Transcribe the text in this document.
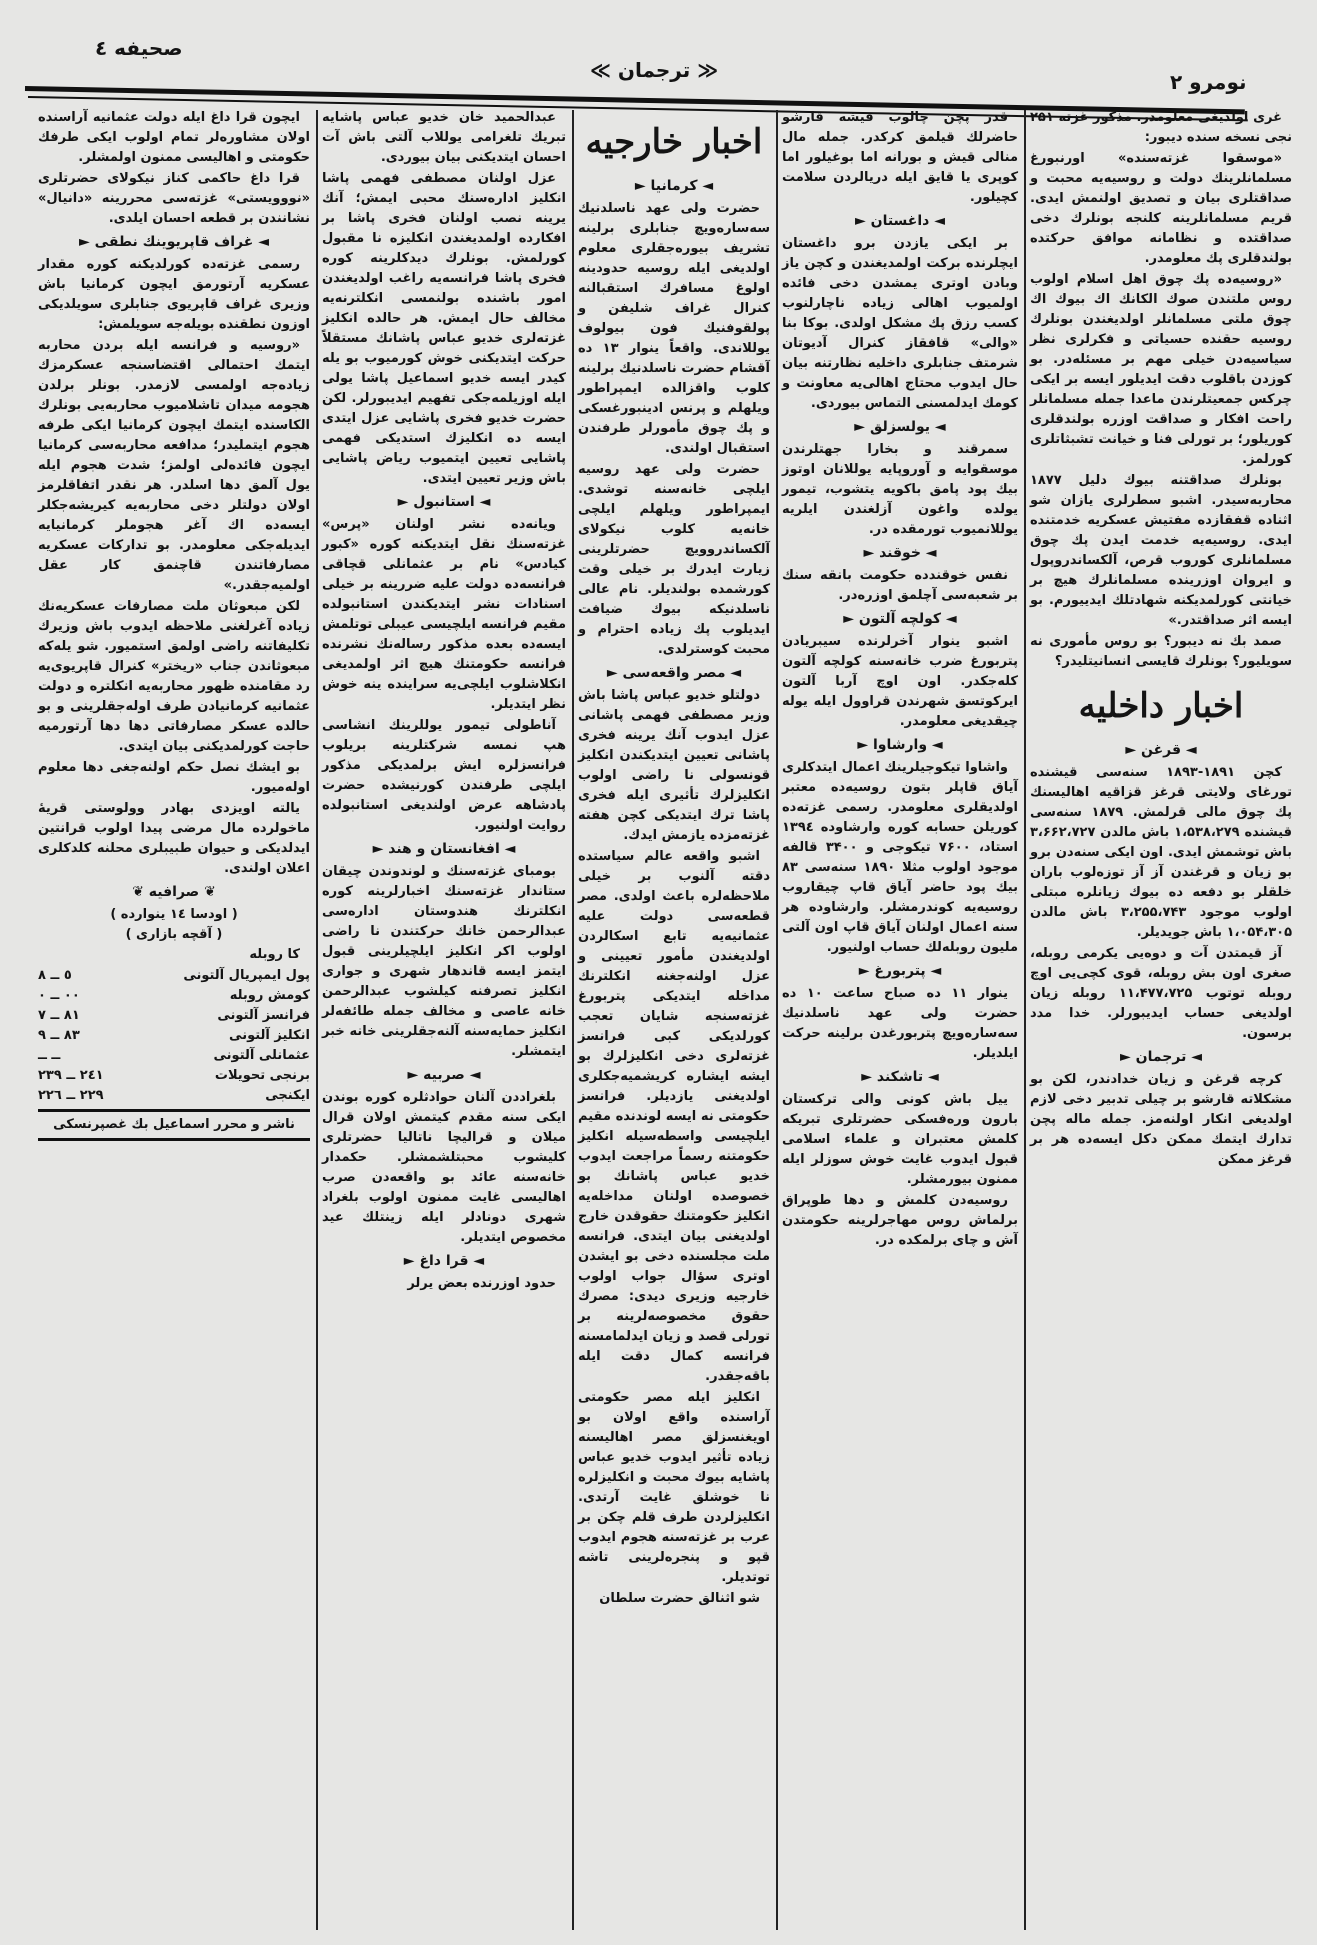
صحیفه ٤
≪ ترجمان ≫	نومرو ٢

غری اولدیغی معلومدر. مذکور غزته ۲۵۱ نجی نسخه سنده دیبور:

«موسقوا غزته‌سنده» اورنبورغ مسلمانلرینك دولت و روسیه‌یه محبت و صداقتلری بیان و تصدیق اولنمش ایدی. قریم مسلمانلرینه کلنجه بونلرك دخی صداقتده و نظامانه موافق حرکتده بولندقلری پك معلومدر.

«روسیه‌ده پك چوق اهل اسلام اولوب روس ملتندن صوك الکانك اك بیوك اك چوق ملتی مسلمانلر اولدیغندن بونلرك روسیه حقنده حسیاتی و فکرلری نظر سیاسیه‌دن خیلی مهم بر مسئله‌در. بو کوزدن باقلوب دقت ایدیلور ایسه بر ایکی چرکس جمعیتلرندن ماعدا جمله مسلمانلر راحت افکار و صداقت اوزره بولندقلری کوریلور؛ بر تورلی فنا و خیانت تشبثاتلری کورلمز.

بونلرك صداقتنه بیوك دلیل ۱۸۷۷ محاربه‌سیدر. اشبو سطرلری یازان شو اثناده قفقازده مفتیش عسکریه خدمتنده ایدی. روسیه‌یه خدمت ایدن پك چوق مسلمانلری کوروب قرص، آلکساندروپول و ایروان اوزرینده مسلمانلرك هیچ بر خیانتی کورلمدیکنه شهادتلك ایدییورم. بو ایسه اثر صداقتدر.»

صمد بك نه دیبور؟ بو روس مأموری نه سویلیور؟ بونلرك قایسی انسانیتلیدر؟

اخبار داخلیه
◄ قرغن ►

کچن ۱۸۹۱-۱۸۹۳ سنه‌سی قیشنده تورغای ولایتی قرغز قزاقیه اهالیسنك پك چوق مالی قرلمش. ۱۸۷۹ سنه‌سی قیشنده ۱،۵۳۸،۲۷۹ باش مالدن ۳،۶۶۲،۷۲۷ باش توشمش ایدی. اون ایکی سنه‌دن برو بو زیان و قرغندن آز آز توزه‌لوب باران خلقلر بو دفعه ده بیوك زیانلره مبتلی اولوب موجود ۳،۲۵۵،۷۴۳ باش مالدن ۱،۰۵۴،۳۰۵ باش جویدیلر.

آز قیمتدن آت و دوه‌یی یکرمی روبله، صغری اون بش روبله، قوی کچی‌یی اوچ روبله توتوب ۱۱،۴۷۷،۷۲۵ روبله زیان اولدیغی حساب ایدیبورلر. خدا مدد برسون.

◄ ترجمان ►

کرچه قرغن و زیان خدادندر، لکن بو مشکلاته قارشو بر چیلی تدبیر دخی لازم اولدیغی انکار اولنه‌مز. جمله ماله پچن تدارك ایتمك ممکن دکل ایسه‌ده هر بر قرغز ممکن

قدر پچن چالوب قیشه قارشو حاضرلك قیلمق کرکدر. جمله مال منالی قیش و بورانه اما بوغیلور اما کوپری یا قایق ایله دریالردن سلامت کچیلور.

◄ داغستان ►

بر ایکی یازدن برو داغستان ایچلرنده برکت اولمدیغندن و کچن یاز وبادن اوتری یمشدن دخی فائده اولمیوب اهالی زیاده ناچارلنوب کسب رزق پك مشکل اولدی. بوکا بنا «والی» قافقاز کنرال آدیوتان شرمتف جنابلری داخلیه نظارتنه بیان حال ایدوب محتاج اهالی‌یه معاونت و کومك ایدلمسنی التماس بیوردی.

◄ یولسزلق ►

سمرقند و بخارا جهتلرندن موسقوایه و آوروپایه یوللانان اوتوز بیك پود پامق باکویه یتشوب، تیمور یولده واغون آزلغندن ایلریه یوللانمیوب تورمقده در.

◄ خوقند ►

نفس خوقندده حکومت بانقه سنك بر شعبه‌سی آچلمق اوزره‌در.

◄ کولچه آلتون ►

اشبو ینوار آخرلرنده سیبریادن پتربورغ ضرب خانه‌سنه کولچه آلتون کله‌جکدر. اون اوچ آربا آلتون ایرکوتسق شهرندن قراوول ایله یوله چیقدیغی معلومدر.

◄ وارشاوا ►

واشاوا تیکوجیلرینك اعمال ایتدکلری آیاق قاپلر بتون روسیه‌ده معتبر اولدیقلری معلومدر. رسمی غزته‌ده کوریلن حسابه کوره وارشاوده ۱۳۹٤ استاد، ۷۶۰۰ تیکوجی و ۳۴۰۰ قالفه موجود اولوب مثلا ۱۸۹۰ سنه‌سی ۸۳ بیك پود حاضر آیاق قاپ چیقاروب روسیه‌یه کوندرمشلر. وارشاوده هر سنه اعمال اولنان آیاق قاپ اون آلتی ملیون روبله‌لك حساب اولنیور.

◄ پتربورغ ►

ینوار ۱۱ ده صباح ساعت ۱۰ ده حضرت ولی عهد ناسلدنیك سه‌ساره‌ویچ پتربورغدن برلینه حرکت ایلدیلر.

◄ تاشکند ►

ییل باش کونی والی ترکستان بارون وره‌فسکی حضرتلری تبریکه کلمش معتبران و علماء اسلامی قبول ایدوب غایت خوش سوزلر ایله ممنون بیورمشلر.

روسیه‌دن کلمش و دها طوپراق برلماش روس مهاجرلرینه حکومتدن آش و چای برلمکده در.

اخبار خارجیه
◄ کرمانیا ►

حضرت ولی عهد ناسلدنیك سه‌ساره‌ویچ جنابلری برلینه تشریف بیوره‌جقلری معلوم اولدیغی ایله روسیه حدودینه اولوغ مسافرك استقبالنه کنرال غراف شلیفن و پولقوفنیك فون بیولوف یوللاندی. واقعاً ینوار ۱۳ ده آقشام حضرت ناسلدنیك برلینه کلوب واقزالده ایمپراطور ویلهلم و پرنس ادینبورغسکی و پك چوق مأمورلر طرفندن استقبال اولندی.

حضرت ولی عهد روسیه ایلچی خانه‌سنه توشدی. ایمپراطور ویلهلم ایلچی خانه‌یه کلوب نیکولای آلکساندروویچ حضرتلرینی زیارت ایدرك بر خیلی وقت کورشمده بولندیلر. نام عالی ناسلدنیکه بیوك ضیافت ایدیلوب پك زیاده احترام و محبت کوسترلدی.

◄ مصر واقعه‌سی ►

دولتلو خدیو عباس پاشا باش وزیر مصطفی فهمی پاشانی عزل ایدوب آنك یرینه فخری پاشانی تعیین ایتدیکندن انکلیز قونسولی نا راضی اولوب انکلیزلرك تأثیری ایله فخری پاشا ترك ایتدیکی کچن هفته غزته‌مزده یازمش ایدك.

اشبو واقعه عالم سیاستده دقته آلنوب بر خیلی ملاحظه‌لره باعث اولدی. مصر قطعه‌سی دولت علیه عثمانیه‌یه تابع اسکالردن اولدیغندن مأمور تعیینی و عزل اولنه‌جغنه انکلترنك مداخله ایتدیکی پتربورغ غزته‌سنجه شایان تعجب کورلدیکی کبی فرانسز غزته‌لری دخی انکلیزلرك بو ایشه ایشاره کریشمیه‌جکلری اولدیغنی یازدیلر. فرانسز حکومتی نه ایسه لوندنده مقیم ایلچیسی واسطه‌سیله انکلیز حکومتنه رسماً مراجعت ایدوب خدیو عباس پاشانك بو خصوصده اولنان مداخله‌یه انکلیز حکومتنك حقوقدن خارج اولدیغنی بیان ایتدی. فرانسه ملت مجلسنده دخی بو ایشدن اوتری سؤال جواب اولوب خارجیه وزیری دیدی: مصرك حقوق مخصوصه‌لرینه بر تورلی قصد و زیان ایدلمامسنه فرانسه کمال دقت ایله باقه‌جقدر.

انکلیز ایله مصر حکومتی آراسنده واقع اولان بو اویغنسزلق مصر اهالیسنه زیاده تأثیر ایدوب خدیو عباس پاشایه بیوك محبت و انکلیزلره نا خوشلق غایت آرتدی. انکلیزلردن طرف قلم چکن بر عرب بر غزته‌سنه هجوم ایدوب قپو و پنجره‌لرینی تاشه توتدیلر.

شو اثنالق حضرت سلطان

عبدالحمید خان خدیو عباس پاشایه تبریك تلغرامی یوللاب آلتی باش آت احسان ایتدیکنی بیان بیوردی.

عزل اولنان مصطفی فهمی پاشا انکلیز اداره‌سنك محبی ایمش؛ آنك یرینه نصب اولنان فخری پاشا بر افکارده اولمدیغندن انکلیزه نا مقبول کورلمش. بونلرك دیدکلرینه کوره فخری پاشا فرانسه‌یه راغب اولدیغندن امور باشنده بولنمسی انکلترنه‌یه مخالف حال ایمش. هر حالده انکلیز غزته‌لری خدیو عباس پاشانك مستقلاً حرکت ایتدیکنی خوش کورمیوب بو یله کیدر ایسه خدیو اسماعیل پاشا یولی ایله اوزیلمه‌جکی تفهیم ایدیبورلر. لکن حضرت خدیو فخری پاشایی عزل ایتدی ایسه ده انکلیزك استدیکی فهمی پاشایی تعیین ایتمیوب ریاض پاشایی باش وزیر تعیین ایتدی.

◄ استانبول ►

ویانه‌ده نشر اولنان «پرس» غزته‌سنك نقل ایتدیکنه کوره «کبور کیادس» نام بر عثمانلی قچاقی فرانسه‌ده دولت علیه ضررینه بر خیلی اسنادات نشر ایتدیکندن استانبولده مقیم فرانسه ایلچیسی عیبلی توتلمش ایسه‌ده بعده مذکور رساله‌نك نشرنده فرانسه حکومتنك هیچ اثر اولمدیغی انکلاشلوب ایلچی‌یه سراینده ینه خوش نظر ایتدیلر.

آناطولی تیمور یوللرینك انشاسی هپ نمسه شرکتلرینه بریلوب فرانسزلره ایش برلمدیکی مذکور ایلچی طرفندن کورنیشده حضرت پادشاهه عرض اولندیغی استانبولده روایت اولنیور.

◄ افغانستان و هند ►

بومبای غزته‌سنك و لوندوندن چیقان ستاندار غزته‌سنك اخبارلرینه کوره انکلترنك هندوستان اداره‌سی عبدالرحمن خانك حرکتندن نا راضی اولوب اکر انکلیز ایلچیلرینی قبول ایتمز ایسه قاندهار شهری و جواری انکلیز تصرفنه کیلشوب عبدالرحمن خانه عاصی و مخالف جمله طائفه‌لر انکلیز حمایه‌سنه آلنه‌جقلرینی خانه خبر ایتمشلر.

◄ صربیه ►

بلغراددن آلنان حوادثلره کوره بوندن ایکی سنه مقدم کیتمش اولان قرال میلان و قرالیچا ناتالیا حضرتلری کلیشوب محبتلشمشلر. حکمدار خانه‌سنه عائد بو واقعه‌دن صرب اهالیسی غایت ممنون اولوب بلغراد شهری دونادلر ایله زینتلك عید مخصوص ایتدیلر.

◄ قرا داغ ►

حدود اوزرنده بعض یرلر

ایچون قرا داغ ایله دولت عثمانیه آراسنده اولان مشاوره‌لر تمام اولوب ایکی طرفك حکومتی و اهالیسی ممنون اولمشلر.

قرا داغ حاکمی کناز نیکولای حضرتلری «نووویستی» غزته‌سی محررینه «دانیال» نشانندن بر قطعه احسان ایلدی.

◄ غراف قاپریوینك نطقی ►

رسمی غزته‌ده کورلدیکنه کوره مقدار عسکریه آرتورمق ایچون کرمانیا باش وزیری غراف قاپریوی جنابلری سویلدیکی اوزون نطقنده بویله‌جه سویلمش:

«روسیه و فرانسه ایله بردن محاربه ایتمك احتمالی اقتضاسنجه عسکرمزك زیاده‌جه اولمسی لازمدر. بونلر برلدن هجومه میدان تاشلامیوب محاربه‌یی بونلرك الکاسنده ایتمك ایچون کرمانیا ایکی طرفه هجوم ایتملیدر؛ مدافعه محاربه‌سی کرمانیا ایچون فائده‌لی اولمز؛ شدت هجوم ایله یول آلمق دها اسلدر. هر نقدر اتفاقلرمز اولان دولتلر دخی محاربه‌یه کیریشه‌جکلر ایسه‌ده اك آغر هجوملر کرمانیایه ایدیله‌جکی معلومدر. بو تدارکات عسکریه مصارفاتندن قاچنمق کار عقل اولمیه‌جقدر.»

لکن مبعوثان ملت مصارفات عسکریه‌نك زیاده آغرلغنی ملاحظه ایدوب باش وزیرك تکلیفاتنه راضی اولمق استمیور. شو یله‌که مبعوثاندن جناب «ریختر» کنرال قاپریوی‌یه رد مقامنده ظهور محاربه‌یه انکلتره و دولت عثمانیه کرمانیادن طرف اوله‌جقلرینی و بو حالده عسکر مصارفاتی دها دها آرتورمیه حاجت کورلمدیکنی بیان ایتدی.

بو ایشك نصل حکم اولنه‌جغی دها معلوم اوله‌میور.

یالته اویزدی بهادر وولوستی قریهٔ ماخولرده مال مرضی پیدا اولوب قرانتین ایدلدیکی و حیوان طبیبلری محلنه کلدکلری اعلان اولندی.

❦ صرافیه ❦
( اودسا ١٤ ینوارده )
( آقچه بازاری )

کا روبله

پول ایمپریال آلتونی
٥ ــ ٨
کومش روبله
٠٠ ــ ٠
فرانسز آلتونی
٨١ ــ ٧
انکلیز آلتونی
٨٣ ــ ٩
عثمانلی آلتونی
ــ ــ
برنجی تحویلات
٢٤١ ــ ٢٣٩
ایکنجی
٢٢٩ ــ ٢٢٦
ناشر و محرر اسماعیل بك غصپرنسکی
